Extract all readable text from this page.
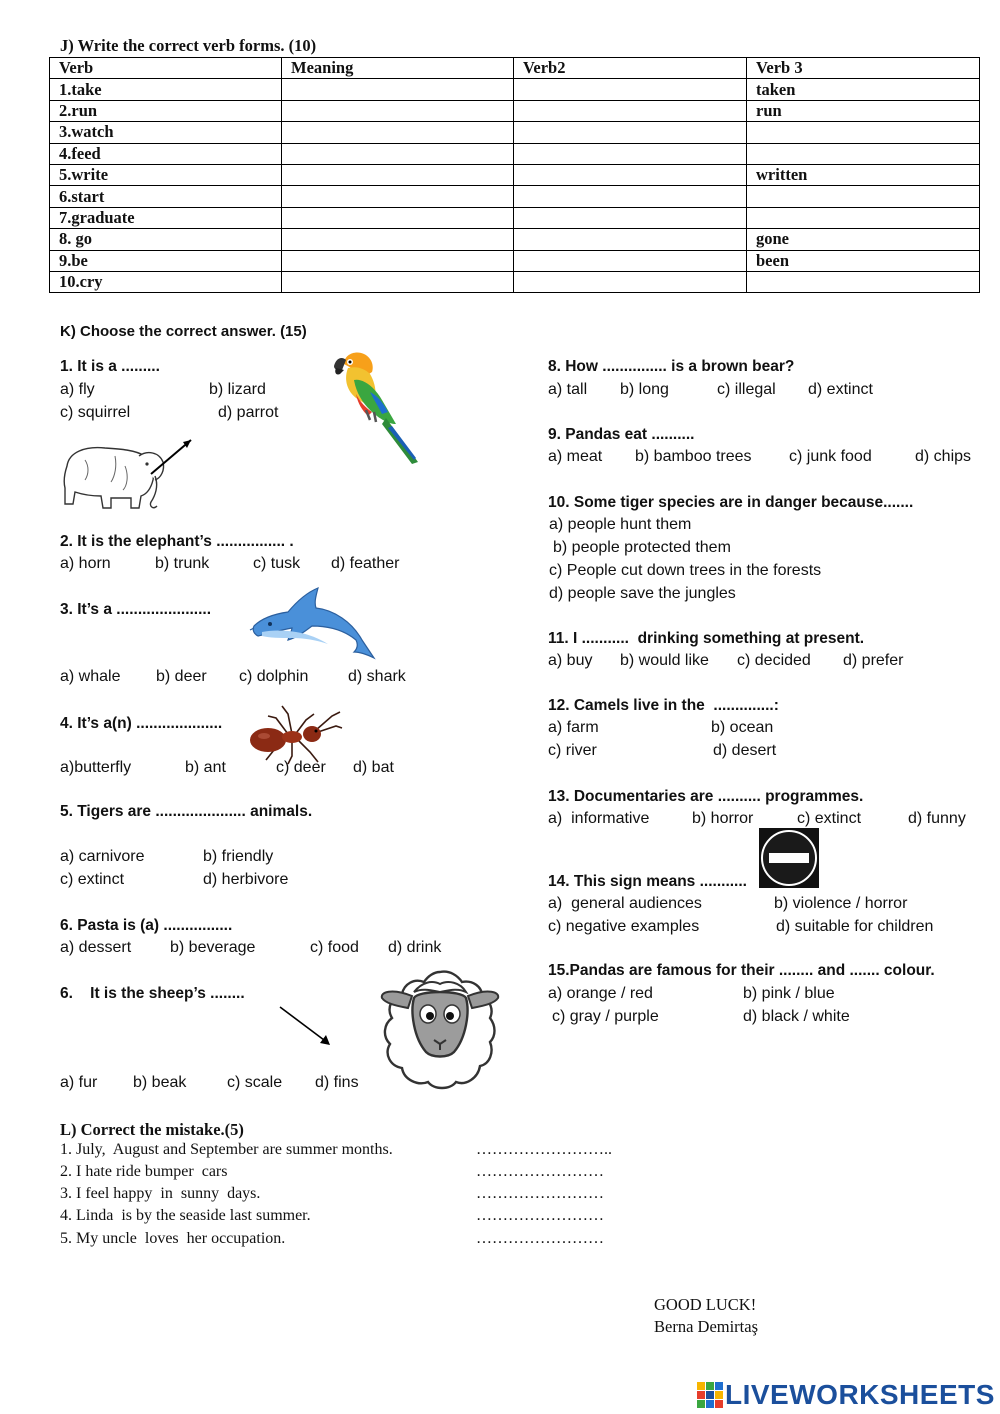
J) Write the correct verb forms. (10)
Verb	Meaning	Verb2	Verb 3
1.take			taken
2.run			run
3.watch			
4.feed			
5.write			written
6.start			
7.graduate			
8. go			gone
9.be			been
10.cry			
K) Choose the correct answer. (15)
1. It is a .........
a) fly	b) lizard
c) squirrel	d) parrot
2. It is the elephant’s ................ .
a) horn	b) trunk	c) tusk d) feather
3. It’s a ......................
a) whale b) deer c) dolphin d) shark
4. It’s a(n) ....................
a)butterfly	b) ant	c) deer d) bat
5. Tigers are ..................... animals.
a) carnivore	b) friendly
c) extinct	d) herbivore
6. Pasta is (a) ................
a) dessert b) beverage	c) food d) drink
6.    It is the sheep’s ........
a) fur b) beak	c) scale d) fins
8. How ............... is a brown bear?
a) tall b) long	c) illegal d) extinct
9. Pandas eat ..........
a) meat b) bamboo trees c) junk food	d) chips
10. Some tiger species are in danger because.......
a) people hunt them
b) people protected them
c) People cut down trees in the forests
d) people save the jungles
11. I ...........  drinking something at present.
a) buy b) would like c) decided d) prefer
12. Camels live in the  ..............:
a) farm	b) ocean
c) river	d) desert
13. Documentaries are .......... programmes.
a)  informative	b) horror	c) extinct	d) funny
14. This sign means ...........
a)  general audiences	b) violence / horror
c) negative examples	d) suitable for children
15.Pandas are famous for their ........ and ....... colour.
a) orange / red	b) pink / blue
c) gray / purple	d) black / white
L) Correct the mistake.(5)
1. July,  August and September are summer months.	……………………..
2. I hate ride bumper  cars	……………………
3. I feel happy  in  sunny  days.	……………………
4. Linda  is by the seaside last summer.	……………………
5. My uncle  loves  her occupation.	……………………
GOOD LUCK!
Berna Demirtaş
LIVEWORKSHEETS
